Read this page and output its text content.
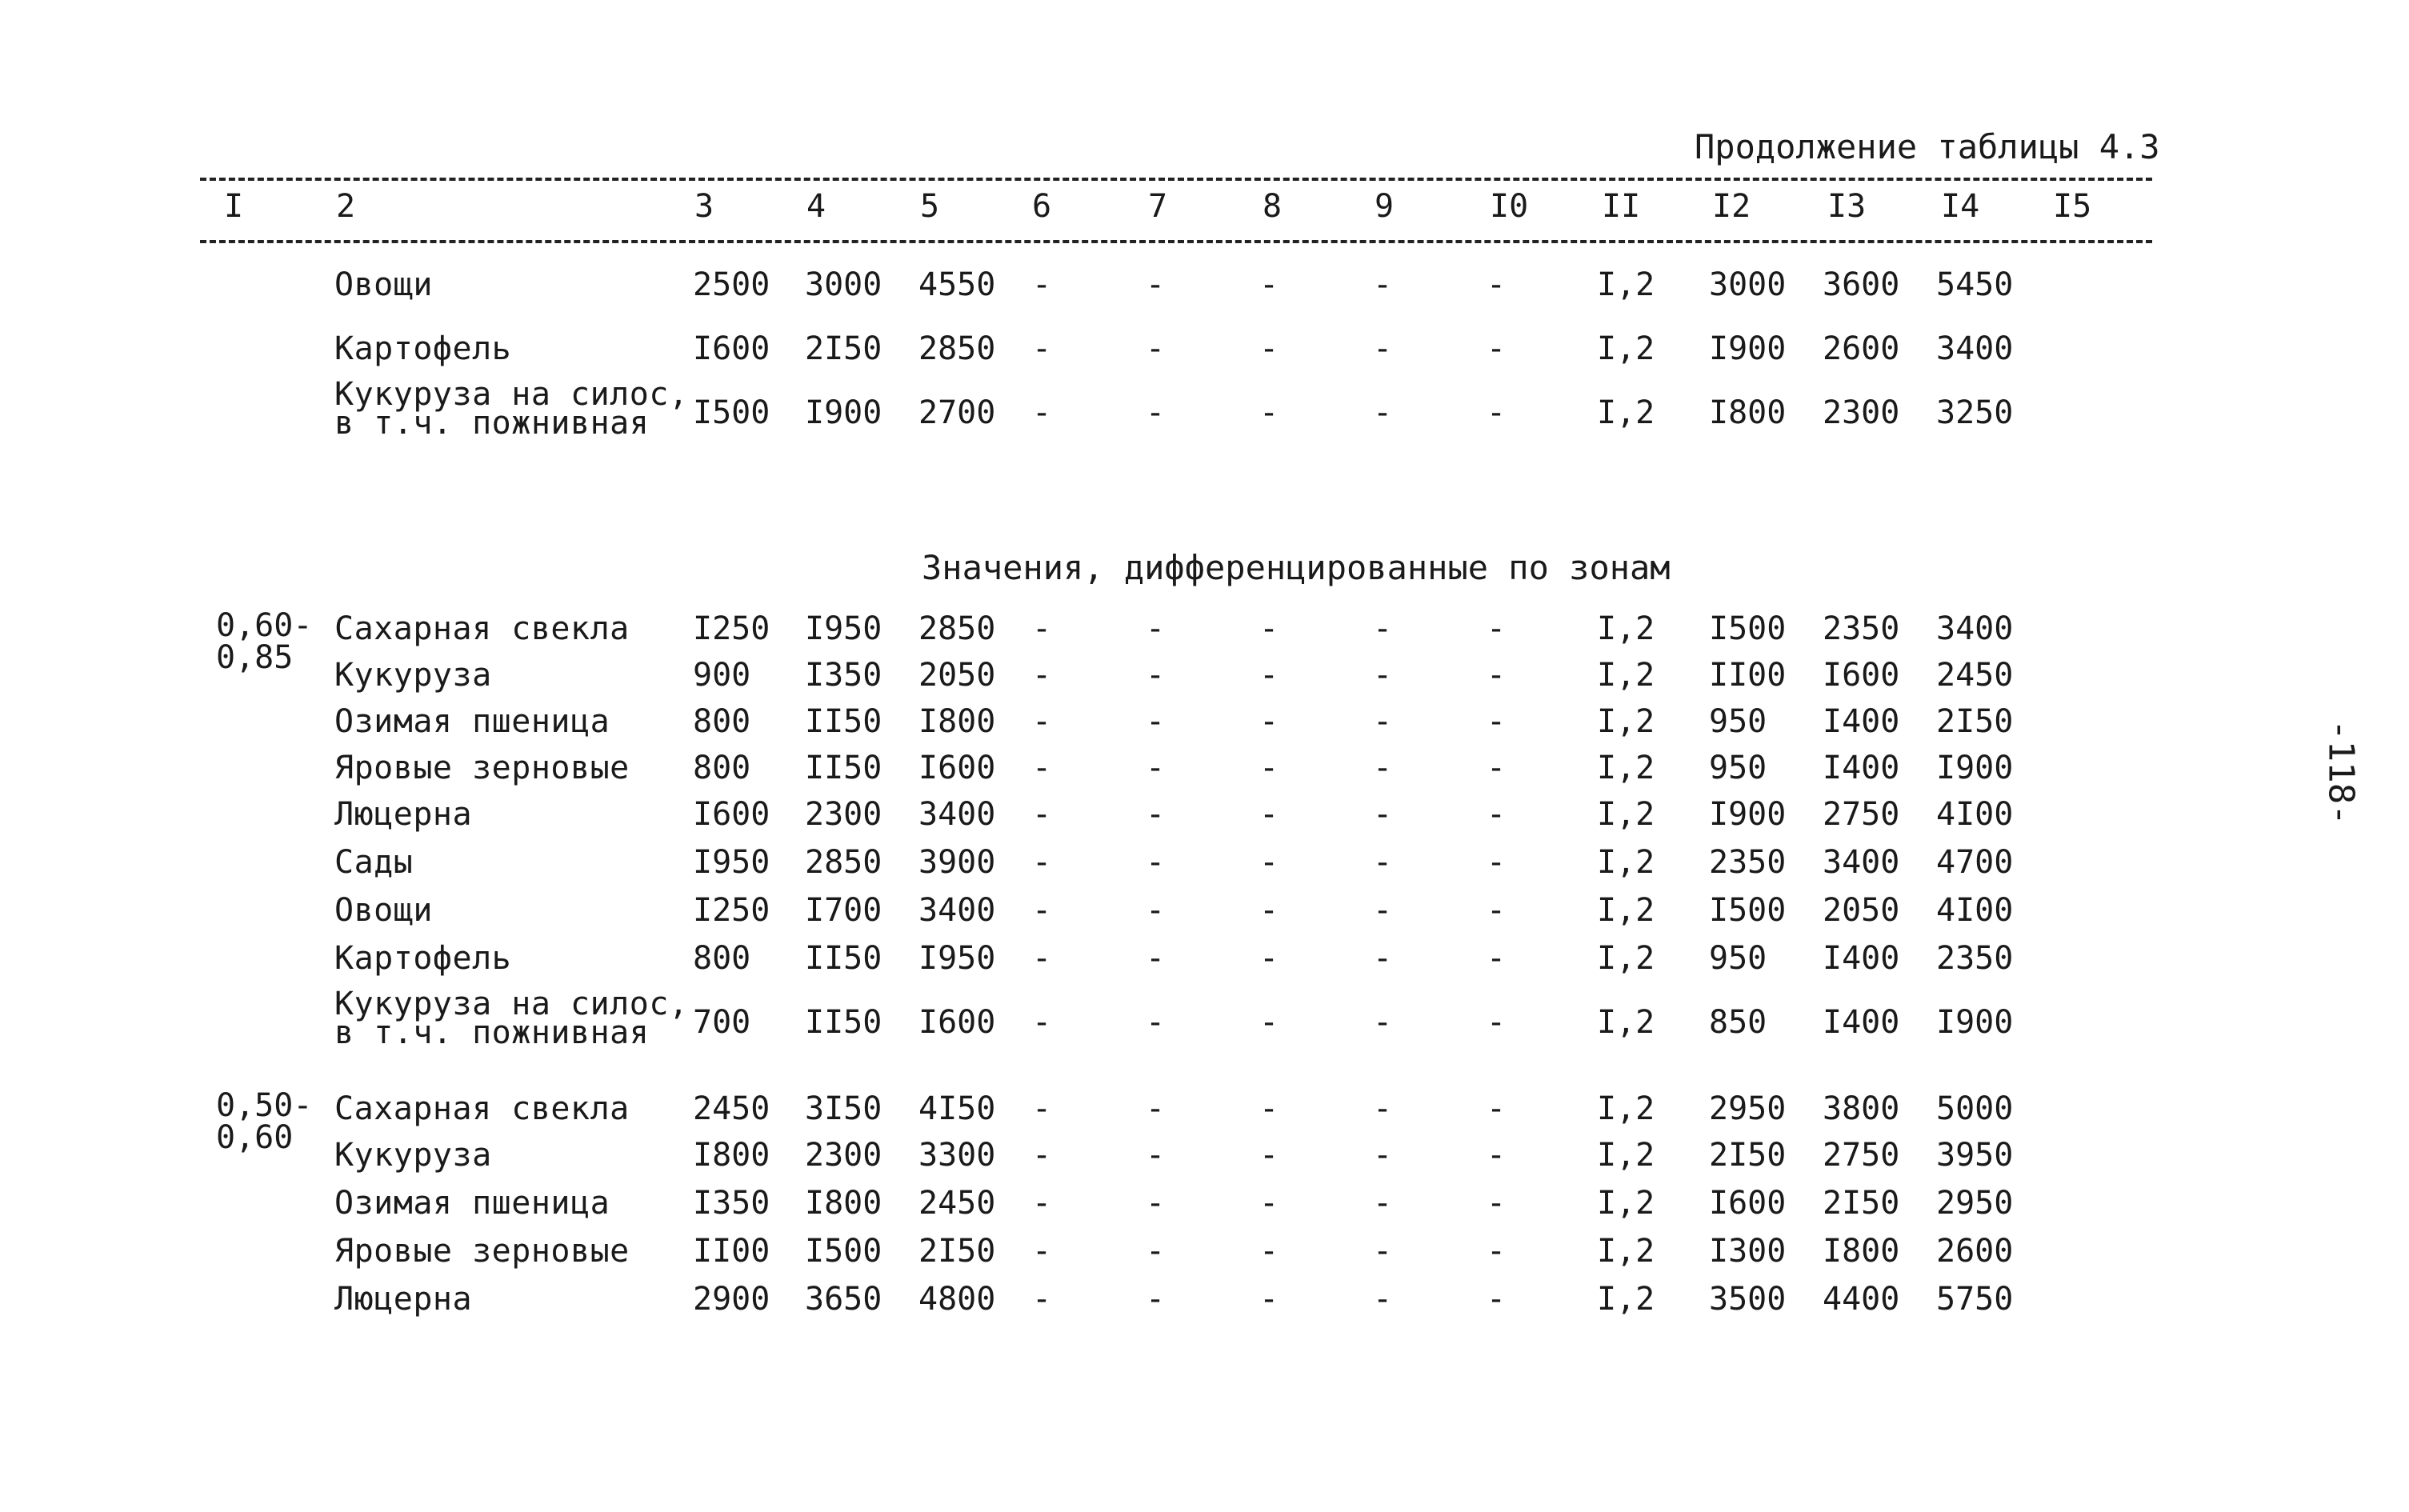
Продолжение таблицы 4.3
I	2	3	4	5	6	7	8	9	I0 II I2 I3 I4 I5
Значения, дифференцированные по зонам
Овощи	2500 3000 4550 -	-	-	-	-	I,2 3000 3600 5450
Картофель	I600 2I50 2850 -	-	-	-	-	I,2 I900 2600 3400
Кукуруза на силос,
в т.ч. пожнивная I500 I900 2700 -	-	-	-	-	I,2 I800 2300 3250
0,60-
0,85
Сахарная свекла I250 I950 2850 -	-	-	-	-	I,2 I500 2350 3400
Кукуруза	900 I350 2050 -	-	-	-	-	I,2 II00 I600 2450
Озимая пшеница	800 II50 I800 -	-	-	-	-	I,2 950 I400 2I50
Яровые зерновые 800 II50 I600 -	-	-	-	-	I,2 950 I400 I900
Люцерна	I600 2300 3400 -	-	-	-	-	I,2 I900 2750 4I00
Сады	I950 2850 3900 -	-	-	-	-	I,2 2350 3400 4700
Овощи	I250 I700 3400 -	-	-	-	-	I,2 I500 2050 4I00
Картофель	800 II50 I950 -	-	-	-	-	I,2 950 I400 2350
Кукуруза на силос,
в т.ч. пожнивная 700 II50 I600 -	-	-	-	-	I,2 850 I400 I900
0,50-
0,60
Сахарная свекла 2450 3I50 4I50 -	-	-	-	-	I,2 2950 3800 5000
Кукуруза	I800 2300 3300 -	-	-	-	-	I,2 2I50 2750 3950
Озимая пшеница	I350 I800 2450 -	-	-	-	-	I,2 I600 2I50 2950
Яровые зерновые II00 I500 2I50 -	-	-	-	-	I,2 I300 I800 2600
Люцерна	2900 3650 4800 -	-	-	-	-	I,2 3500 4400 5750
-118-
